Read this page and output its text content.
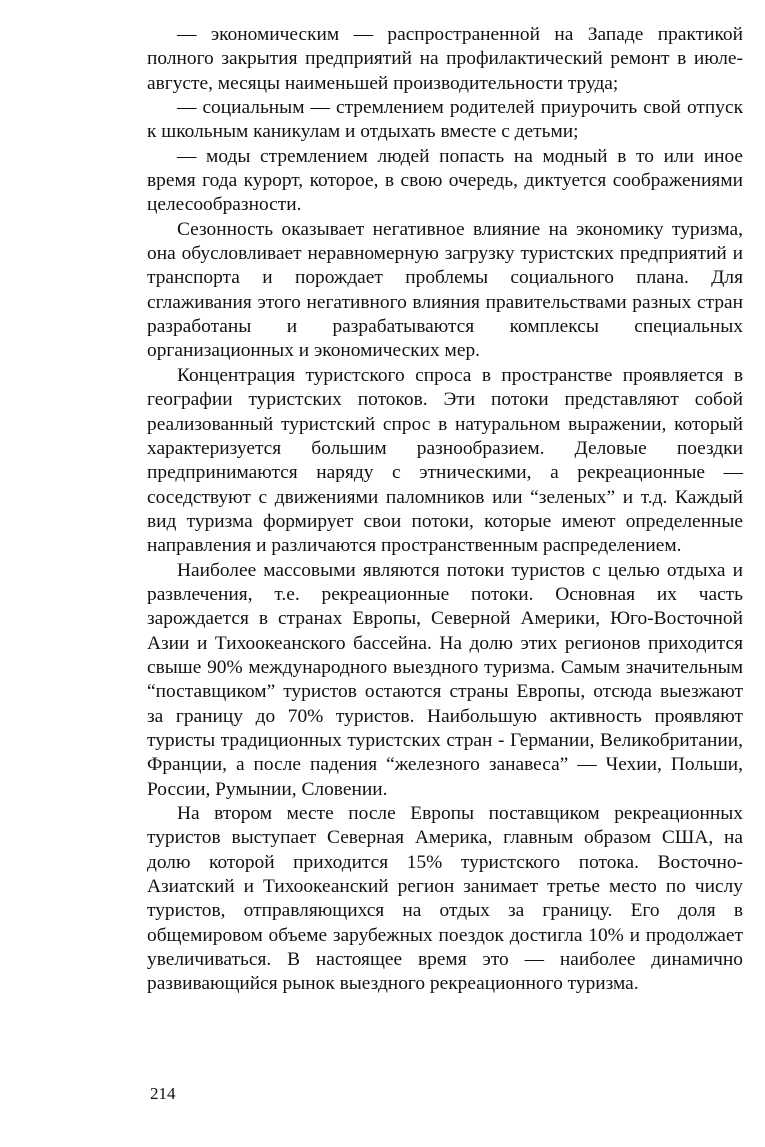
— экономическим — распространенной на Западе практикой полного закрытия предприятий на профилактический ремонт в июле-августе, месяцы наименьшей производительности труда;

— социальным — стремлением родителей приурочить свой отпуск к школьным каникулам и отдыхать вместе с детьми;

— моды стремлением людей попасть на модный в то или иное время года курорт, которое, в свою очередь, диктуется соображениями целесообразности.

Сезонность оказывает негативное влияние на экономику туризма, она обусловливает неравномерную загрузку туристских предприятий и транспорта и порождает проблемы социального плана. Для сглаживания этого негативного влияния правительствами разных стран разработаны и разрабатываются комплексы специальных организационных и экономических мер.

Концентрация туристского спроса в пространстве проявляется в географии туристских потоков. Эти потоки представляют собой реализованный туристский спрос в натуральном выражении, который характеризуется большим разнообразием. Деловые поездки предпринимаются наряду с этническими, а рекреационные — соседствуют с движениями паломников или “зеленых” и т.д. Каждый вид туризма формирует свои потоки, которые имеют определенные направления и различаются пространственным распределением.

Наиболее массовыми являются потоки туристов с целью отдыха и развлечения, т.е. рекреационные потоки. Основная их часть зарождается в странах Европы, Северной Америки, Юго-Восточной Азии и Тихоокеанского бассейна. На долю этих регионов приходится свыше 90% международного выездного туризма. Самым значительным “поставщиком” туристов остаются страны Европы, отсюда выезжают за границу до 70% туристов. Наибольшую активность проявляют туристы традиционных туристских стран - Германии, Великобритании, Франции, а после падения “железного занавеса” — Чехии, Польши, России, Румынии, Словении.

На втором месте после Европы поставщиком рекреационных туристов выступает Северная Америка, главным образом США, на долю которой приходится 15% туристского потока. Восточно-Азиатский и Тихоокеанский регион занимает третье место по числу туристов, отправляющихся на отдых за границу. Его доля в общемировом объеме зарубежных поездок достигла 10% и продолжает увеличиваться. В настоящее время это — наиболее динамично развивающийся рынок выездного рекреационного туризма.

214
